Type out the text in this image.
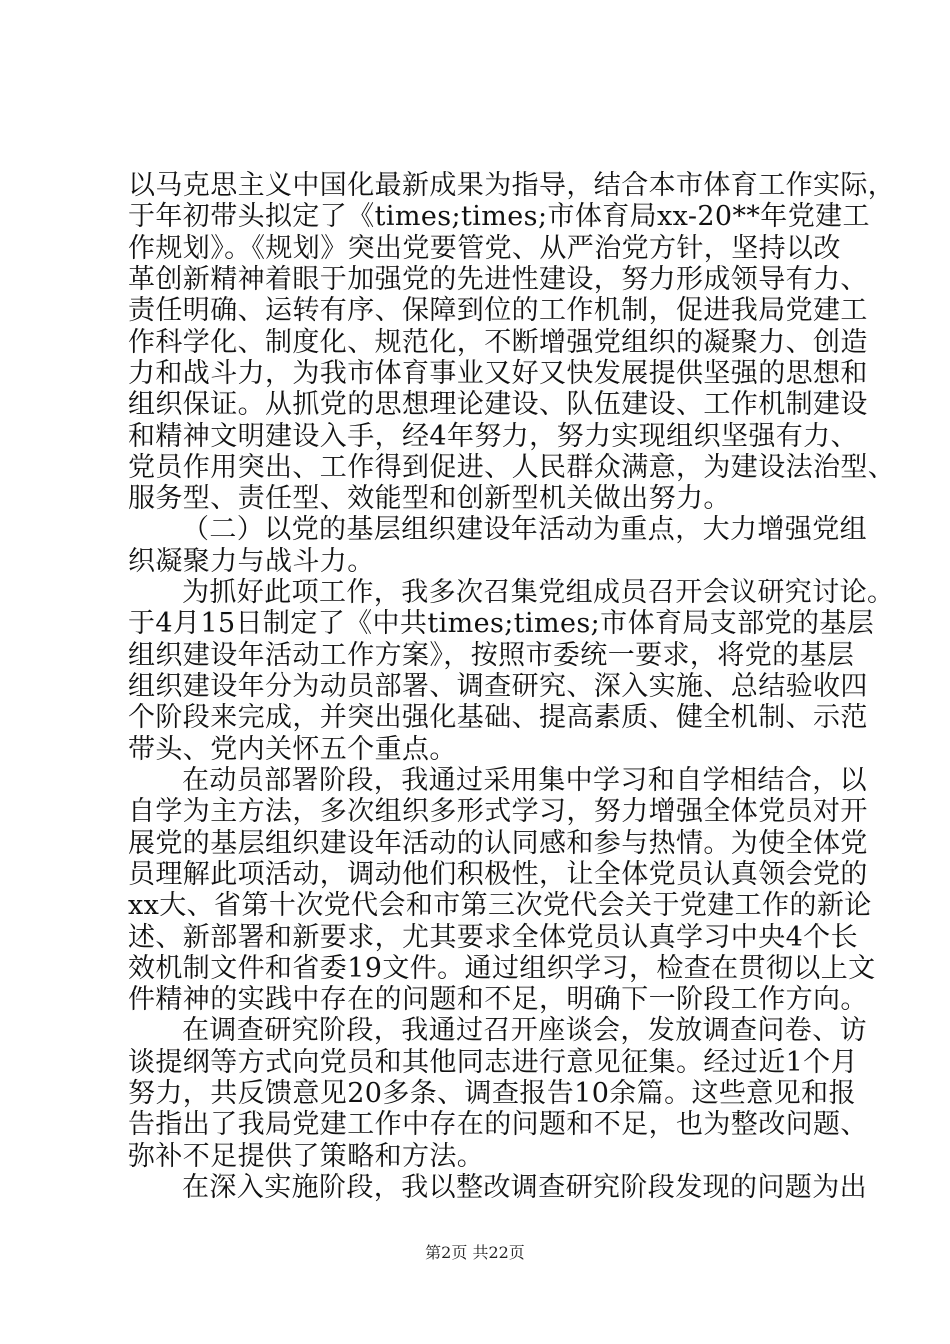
以马克思主义中国化最新成果为指导，结合本市体育工作实际，
于年初带头拟定了《times;times;市体育局xx-20**年党建工
作规划》。《规划》突出党要管党、从严治党方针，坚持以改
革创新精神着眼于加强党的先进性建设，努力形成领导有力、
责任明确、运转有序、保障到位的工作机制，促进我局党建工
作科学化、制度化、规范化，不断增强党组织的凝聚力、创造
力和战斗力，为我市体育事业又好又快发展提供坚强的思想和
组织保证。从抓党的思想理论建设、队伍建设、工作机制建设
和精神文明建设入手，经4年努力，努力实现组织坚强有力、
党员作用突出、工作得到促进、人民群众满意，为建设法治型、
服务型、责任型、效能型和创新型机关做出努力。
（二）以党的基层组织建设年活动为重点，大力增强党组
织凝聚力与战斗力。
为抓好此项工作，我多次召集党组成员召开会议研究讨论。
于4月15日制定了《中共times;times;市体育局支部党的基层
组织建设年活动工作方案》，按照市委统一要求，将党的基层
组织建设年分为动员部署、调查研究、深入实施、总结验收四
个阶段来完成，并突出强化基础、提高素质、健全机制、示范
带头、党内关怀五个重点。
在动员部署阶段，我通过采用集中学习和自学相结合，以
自学为主方法，多次组织多形式学习，努力增强全体党员对开
展党的基层组织建设年活动的认同感和参与热情。为使全体党
员理解此项活动，调动他们积极性，让全体党员认真领会党的
xx大、省第十次党代会和市第三次党代会关于党建工作的新论
述、新部署和新要求，尤其要求全体党员认真学习中央4个长
效机制文件和省委19文件。通过组织学习，检查在贯彻以上文
件精神的实践中存在的问题和不足，明确下一阶段工作方向。
在调查研究阶段，我通过召开座谈会，发放调查问卷、访
谈提纲等方式向党员和其他同志进行意见征集。经过近1个月
努力，共反馈意见20多条、调查报告10余篇。这些意见和报
告指出了我局党建工作中存在的问题和不足，也为整改问题、
弥补不足提供了策略和方法。
在深入实施阶段，我以整改调查研究阶段发现的问题为出
第2页 共22页
